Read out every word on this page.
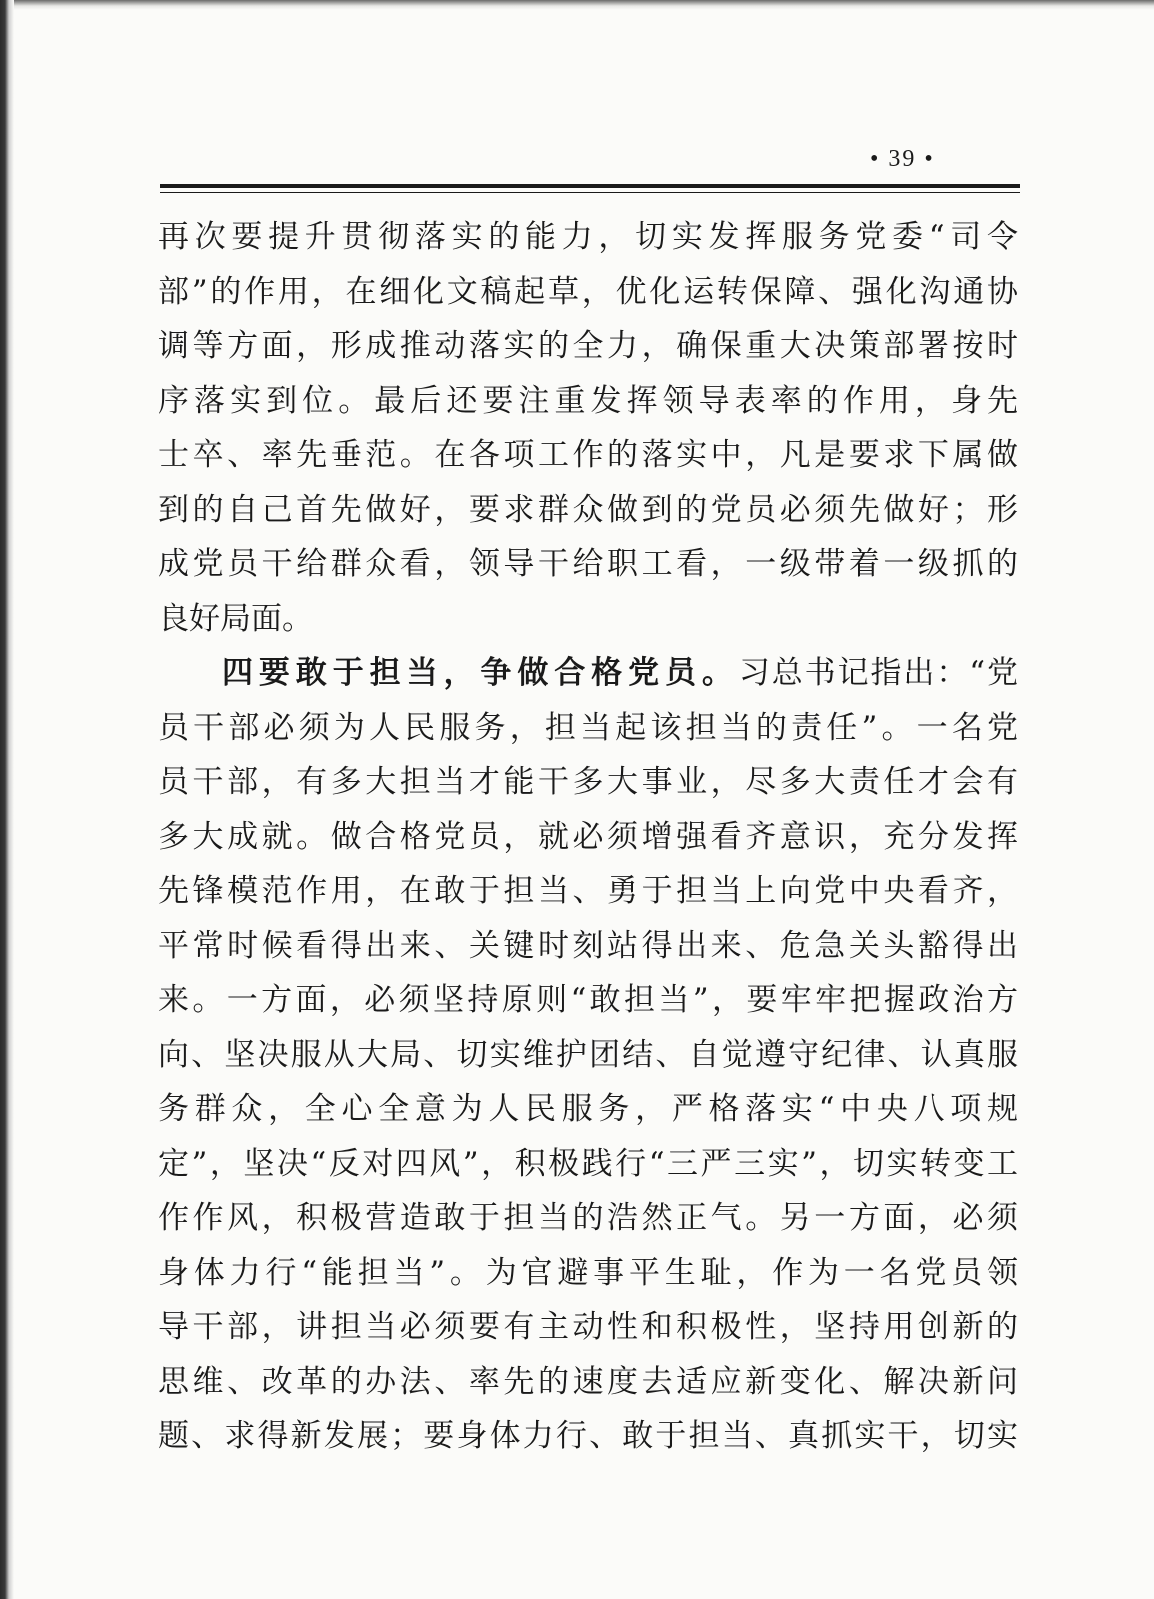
• 39 •
再次要提升贯彻落实的能力，切实发挥服务党委“司令
部”的作用，在细化文稿起草，优化运转保障、强化沟通协
调等方面，形成推动落实的全力，确保重大决策部署按时
序落实到位。最后还要注重发挥领导表率的作用，身先
士卒、率先垂范。在各项工作的落实中，凡是要求下属做
到的自己首先做好，要求群众做到的党员必须先做好；形
成党员干给群众看，领导干给职工看，一级带着一级抓的
良好局面。
四要敢于担当，争做合格党员。习总书记指出：“党
员干部必须为人民服务，担当起该担当的责任”。一名党
员干部，有多大担当才能干多大事业，尽多大责任才会有
多大成就。做合格党员，就必须增强看齐意识，充分发挥
先锋模范作用，在敢于担当、勇于担当上向党中央看齐，
平常时候看得出来、关键时刻站得出来、危急关头豁得出
来。一方面，必须坚持原则“敢担当”，要牢牢把握政治方
向、坚决服从大局、切实维护团结、自觉遵守纪律、认真服
务群众，全心全意为人民服务，严格落实“中央八项规
定”，坚决“反对四风”，积极践行“三严三实”，切实转变工
作作风，积极营造敢于担当的浩然正气。另一方面，必须
身体力行“能担当”。为官避事平生耻，作为一名党员领
导干部，讲担当必须要有主动性和积极性，坚持用创新的
思维、改革的办法、率先的速度去适应新变化、解决新问
题、求得新发展；要身体力行、敢于担当、真抓实干，切实
